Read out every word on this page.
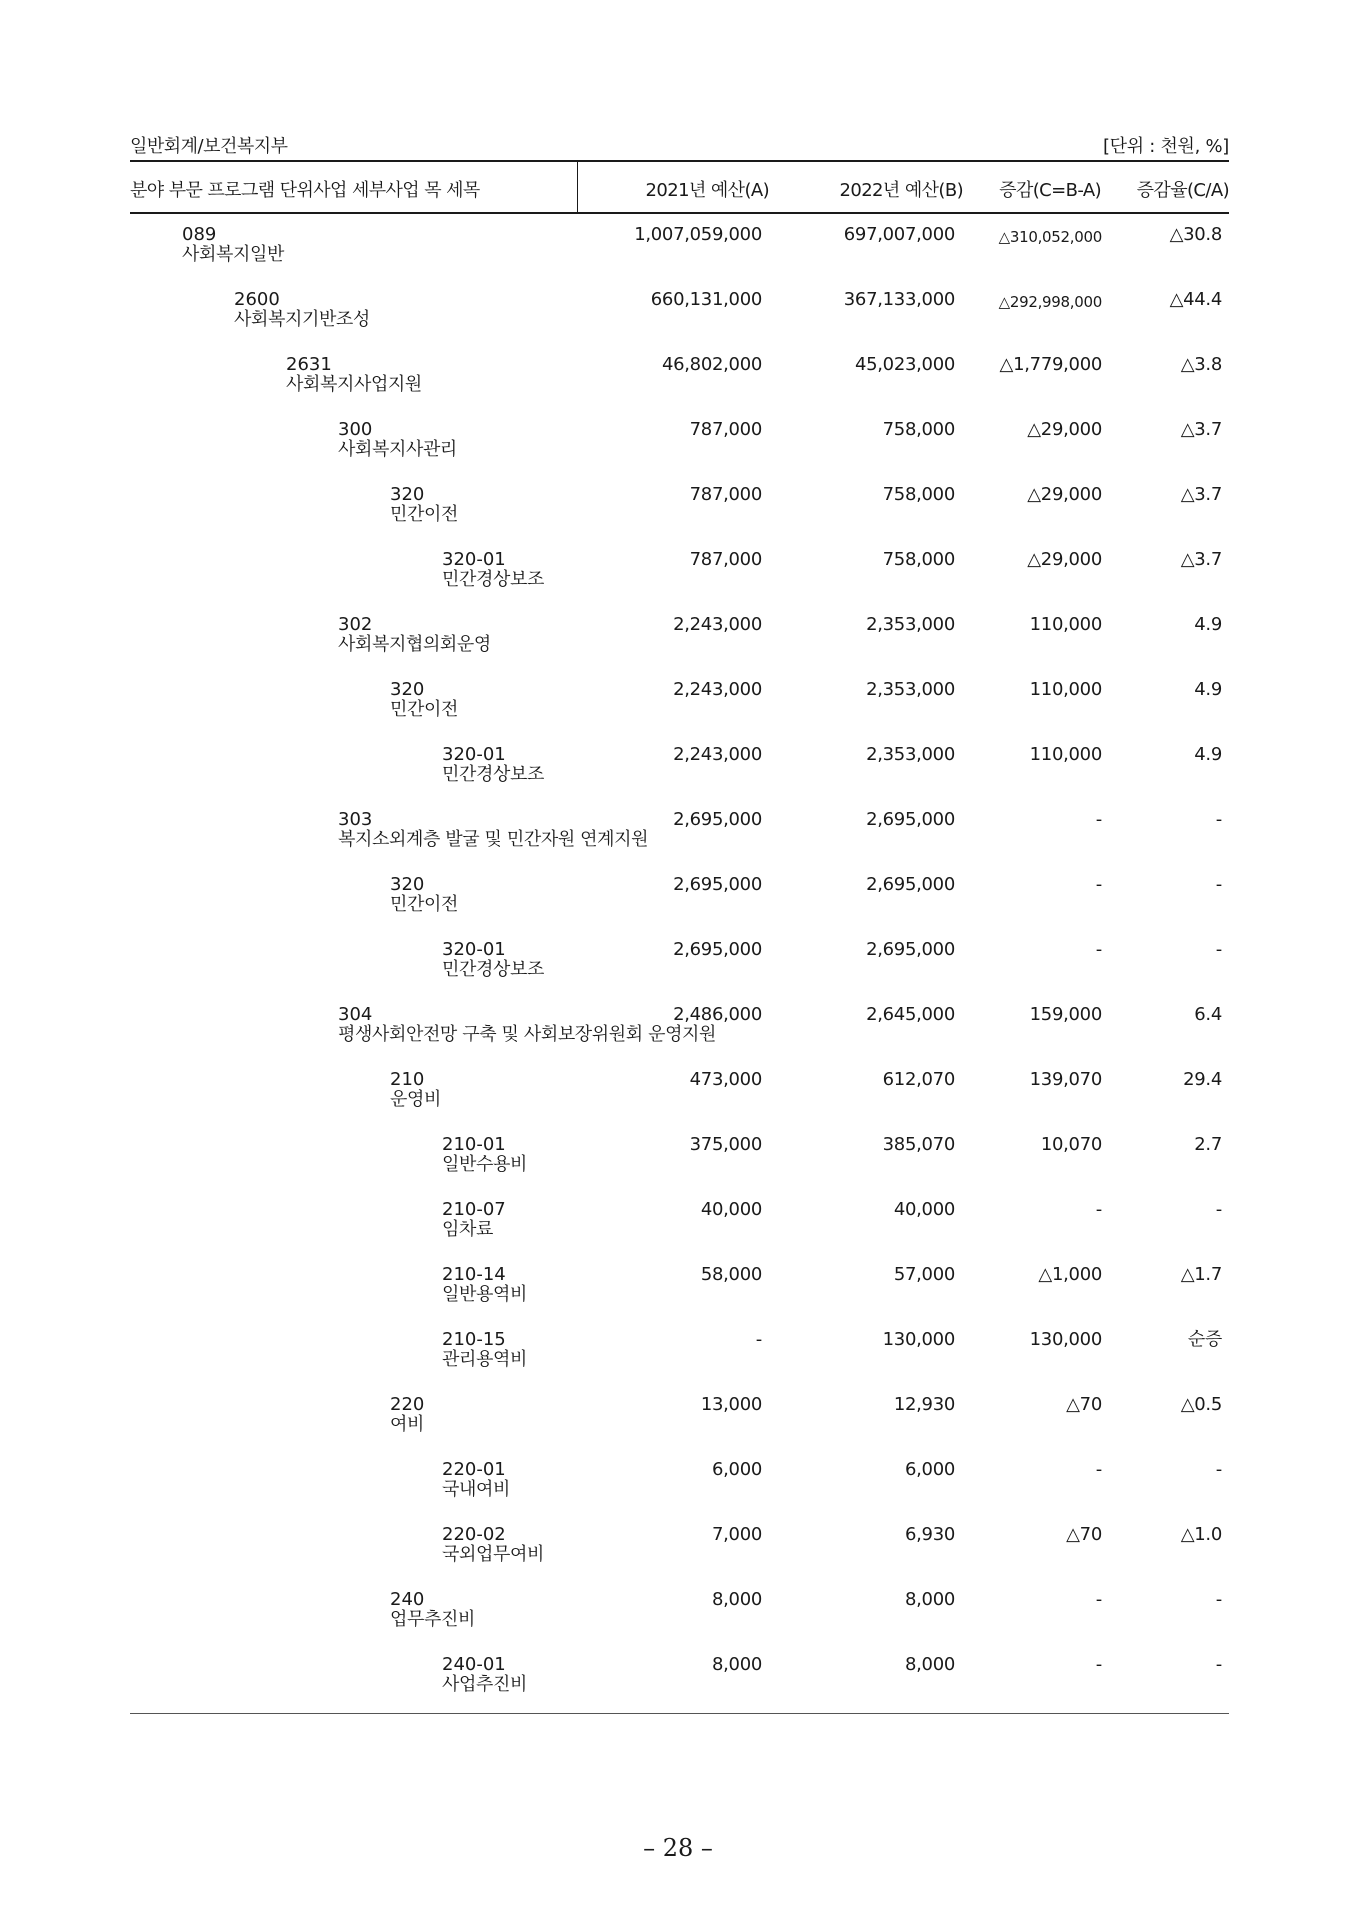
일반회계/보건복지부	[단위 : 천원, %]
분야 부문 프로그램 단위사업 세부사업 목 세목	2021년 예산(A)	2022년 예산(B)	증감(C=B-A)	증감율(C/A)
089
사회복지일반
1,007,059,000	697,007,000	△310,052,000	△30.8
2600
사회복지기반조성
660,131,000	367,133,000	△292,998,000	△44.4
2631
사회복지사업지원
46,802,000	45,023,000	△1,779,000	△3.8
300
사회복지사관리
787,000	758,000	△29,000	△3.7
320
민간이전
787,000	758,000	△29,000	△3.7
320-01
민간경상보조
787,000	758,000	△29,000	△3.7
302
사회복지협의회운영
2,243,000	2,353,000	110,000	4.9
320
민간이전
2,243,000	2,353,000	110,000	4.9
320-01
민간경상보조
2,243,000	2,353,000	110,000	4.9
303
복지소외계층 발굴 및 민간자원 연계지원
2,695,000	2,695,000	-	-
320
민간이전
2,695,000	2,695,000	-	-
320-01
민간경상보조
2,695,000	2,695,000	-	-
304
평생사회안전망 구축 및 사회보장위원회 운영지원
2,486,000	2,645,000	159,000	6.4
210
운영비
473,000	612,070	139,070	29.4
210-01
일반수용비
375,000	385,070	10,070	2.7
210-07
임차료
40,000	40,000	-	-
210-14
일반용역비
58,000	57,000	△1,000	△1.7
210-15
관리용역비
-	130,000	130,000	순증
220
여비
13,000	12,930	△70	△0.5
220-01
국내여비
6,000	6,000	-	-
220-02
국외업무여비
7,000	6,930	△70	△1.0
240
업무추진비
8,000	8,000	-	-
240-01
사업추진비
8,000	8,000	-	-
– 28 –
